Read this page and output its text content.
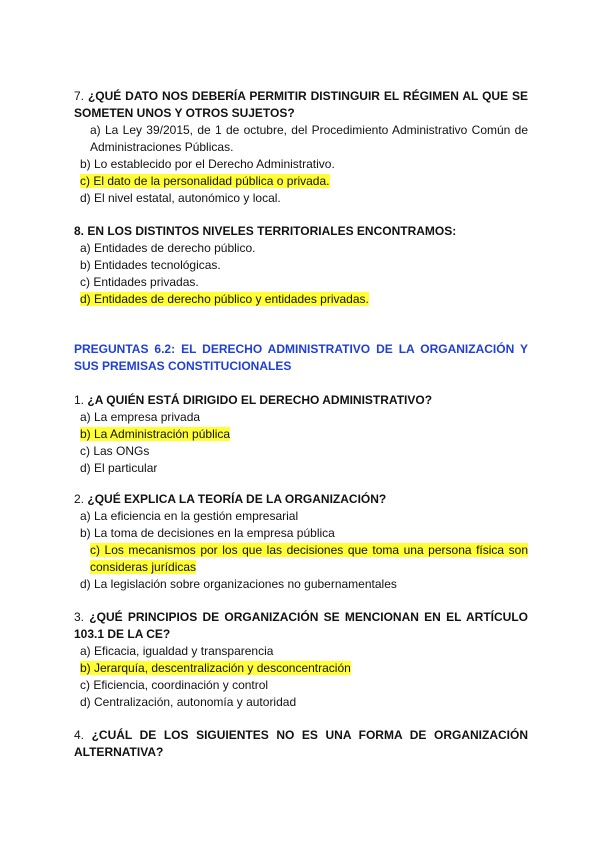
7. ¿QUÉ DATO NOS DEBERÍA PERMITIR DISTINGUIR EL RÉGIMEN AL QUE SE SOMETEN UNOS Y OTROS SUJETOS?
a) La Ley 39/2015, de 1 de octubre, del Procedimiento Administrativo Común de Administraciones Públicas.
b) Lo establecido por el Derecho Administrativo.
c) El dato de la personalidad pública o privada.
d) El nivel estatal, autonómico y local.
8. EN LOS DISTINTOS NIVELES TERRITORIALES ENCONTRAMOS:
a) Entidades de derecho público.
b) Entidades tecnológicas.
c) Entidades privadas.
d) Entidades de derecho público y entidades privadas.
PREGUNTAS 6.2: EL DERECHO ADMINISTRATIVO DE LA ORGANIZACIÓN Y SUS PREMISAS CONSTITUCIONALES
1. ¿A QUIÉN ESTÁ DIRIGIDO EL DERECHO ADMINISTRATIVO?
a) La empresa privada
b) La Administración pública
c) Las ONGs
d) El particular
2. ¿QUÉ EXPLICA LA TEORÍA DE LA ORGANIZACIÓN?
a) La eficiencia en la gestión empresarial
b) La toma de decisiones en la empresa pública
c) Los mecanismos por los que las decisiones que toma una persona física son consideras jurídicas
d) La legislación sobre organizaciones no gubernamentales
3. ¿QUÉ PRINCIPIOS DE ORGANIZACIÓN SE MENCIONAN EN EL ARTÍCULO 103.1 DE LA CE?
a) Eficacia, igualdad y transparencia
b) Jerarquía, descentralización y desconcentración
c) Eficiencia, coordinación y control
d) Centralización, autonomía y autoridad
4. ¿CUÁL DE LOS SIGUIENTES NO ES UNA FORMA DE ORGANIZACIÓN ALTERNATIVA?
